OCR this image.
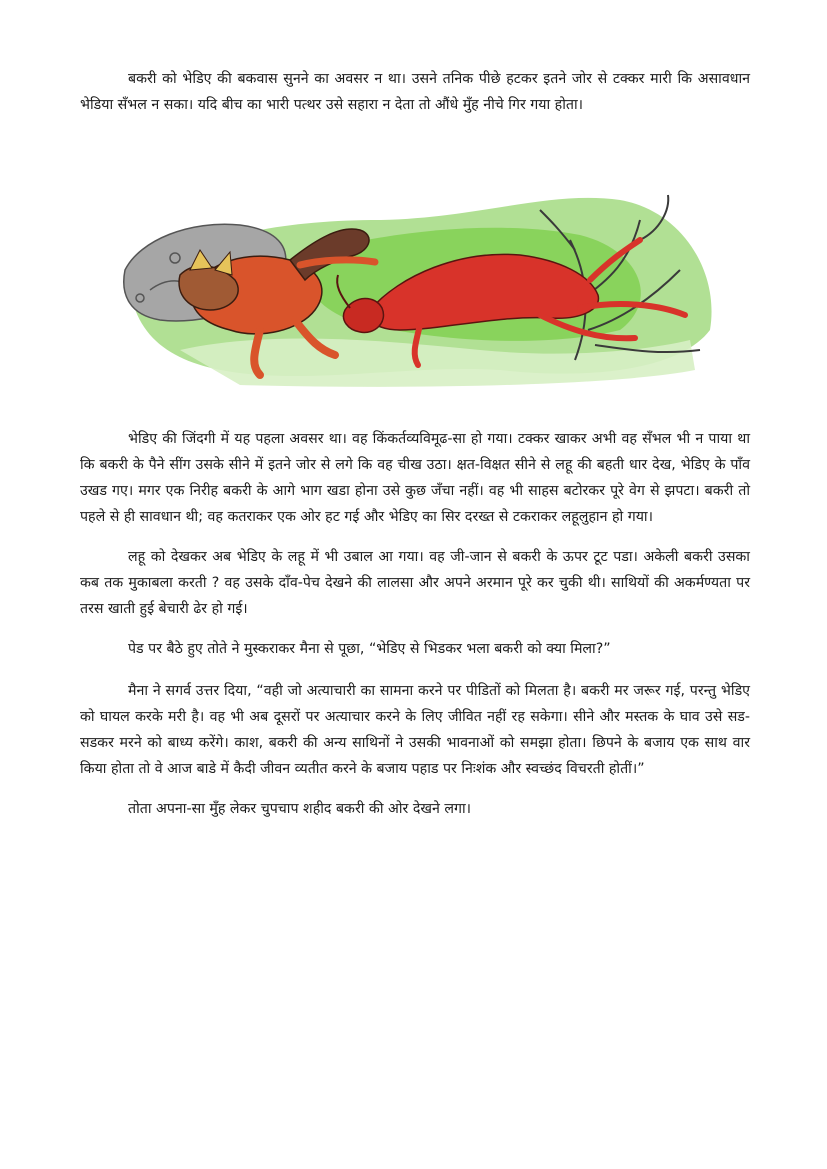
बकरी को भेडिए की बकवास सुनने का अवसर न था। उसने तनिक पीछे हटकर इतने जोर से टक्कर मारी कि असावधान भेडिया सँभल न सका। यदि बीच का भारी पत्थर उसे सहारा न देता तो औंधे मुँह नीचे गिर गया होता।

भेडिए की जिंदगी में यह पहला अवसर था। वह किंकर्तव्यविमूढ-सा हो गया। टक्कर खाकर अभी वह सँभल भी न पाया था कि बकरी के पैने सींग उसके सीने में इतने जोर से लगे कि वह चीख उठा। क्षत-विक्षत सीने से लहू की बहती धार देख, भेडिए के पाँव उखड गए। मगर एक निरीह बकरी के आगे भाग खडा होना उसे कुछ जँचा नहीं। वह भी साहस बटोरकर पूरे वेग से झपटा। बकरी तो पहले से ही सावधान थी; वह कतराकर एक ओर हट गई और भेडिए का सिर दरख्त से टकराकर लहूलुहान हो गया।

लहू को देखकर अब भेडिए के लहू में भी उबाल आ गया। वह जी-जान से बकरी के ऊपर टूट पडा। अकेली बकरी उसका कब तक मुकाबला करती ? वह उसके दाँव-पेच देखने की लालसा और अपने अरमान पूरे कर चुकी थी। साथियों की अकर्मण्यता पर तरस खाती हुई बेचारी ढेर हो गई।

पेड पर बैठे हुए तोते ने मुस्कराकर मैना से पूछा, “भेडिए से भिडकर भला बकरी को क्या मिला?”

मैना ने सगर्व उत्तर दिया, “वही जो अत्याचारी का सामना करने पर पीडितों को मिलता है। बकरी मर जरूर गई, परन्तु भेडिए को घायल करके मरी है। वह भी अब दूसरों पर अत्याचार करने के लिए जीवित नहीं रह सकेगा। सीने और मस्तक के घाव उसे सड-सडकर मरने को बाध्य करेंगे। काश, बकरी की अन्य साथिनों ने उसकी भावनाओं को समझा होता। छिपने के बजाय एक साथ वार किया होता तो वे आज बाडे में कैदी जीवन व्यतीत करने के बजाय पहाड पर निःशंक और स्वच्छंद विचरती होतीं।”

तोता अपना-सा मुँह लेकर चुपचाप शहीद बकरी की ओर देखने लगा।
